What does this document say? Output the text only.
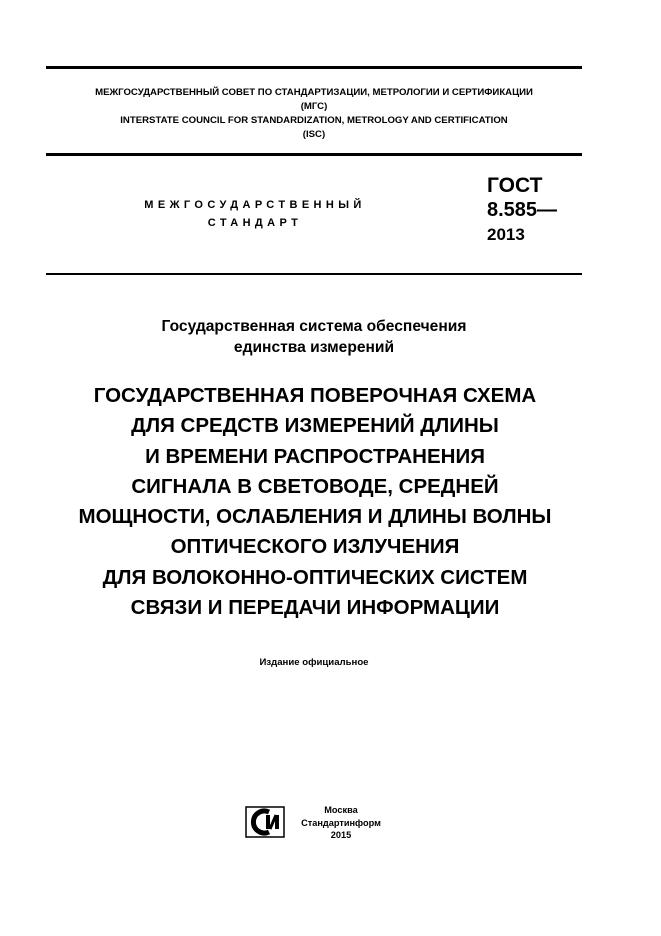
МЕЖГОСУДАРСТВЕННЫЙ СОВЕТ ПО СТАНДАРТИЗАЦИИ, МЕТРОЛОГИИ И СЕРТИФИКАЦИИ
(МГС)
INTERSTATE COUNCIL FOR STANDARDIZATION, METROLOGY AND CERTIFICATION
(ISC)
МЕЖГОСУДАРСТВЕННЫЙ
СТАНДАРТ
ГОСТ
8.585—
2013
Государственная система обеспечения
единства измерений
ГОСУДАРСТВЕННАЯ ПОВЕРОЧНАЯ СХЕМА
ДЛЯ СРЕДСТВ ИЗМЕРЕНИЙ ДЛИНЫ
И ВРЕМЕНИ РАСПРОСТРАНЕНИЯ
СИГНАЛА В СВЕТОВОДЕ, СРЕДНЕЙ
МОЩНОСТИ, ОСЛАБЛЕНИЯ И ДЛИНЫ ВОЛНЫ
ОПТИЧЕСКОГО ИЗЛУЧЕНИЯ
ДЛЯ ВОЛОКОННО-ОПТИЧЕСКИХ СИСТЕМ
СВЯЗИ И ПЕРЕДАЧИ ИНФОРМАЦИИ
Издание официальное
Москва
Стандартинформ
2015
